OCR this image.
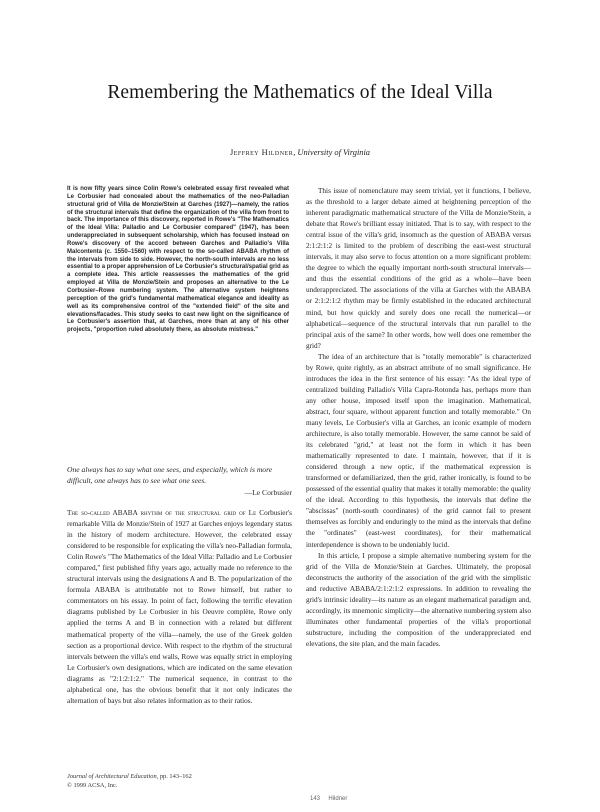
Remembering the Mathematics of the Ideal Villa
Jeffrey Hildner, University of Virginia
It is now fifty years since Colin Rowe's celebrated essay first revealed what Le Corbusier had concealed about the mathematics of the neo-Palladian structural grid of Villa de Monzie/Stein at Garches (1927)—namely, the ratios of the structural intervals that define the organization of the villa from front to back. The importance of this discovery, reported in Rowe's "The Mathematics of the Ideal Villa: Palladio and Le Corbusier compared" (1947), has been underappreciated in subsequent scholarship, which has focused instead on Rowe's discovery of the accord between Garches and Palladio's Villa Malcontenta (c. 1550–1560) with respect to the so-called ABABA rhythm of the intervals from side to side. However, the north-south intervals are no less essential to a proper apprehension of Le Corbusier's structural/spatial grid as a complete idea. This article reassesses the mathematics of the grid employed at Villa de Monzie/Stein and proposes an alternative to the Le Corbusier–Rowe numbering system. The alternative system heightens perception of the grid's fundamental mathematical elegance and ideality as well as its comprehensive control of the "extended field" of the site and elevations/facades. This study seeks to cast new light on the significance of Le Corbusier's assertion that, at Garches, more than at any of his other projects, "proportion ruled absolutely there, as absolute mistress."
One always has to say what one sees, and especially, which is more difficult, one always has to see what one sees.
—Le Corbusier

The so-called ABABA rhythm of the structural grid of Le Corbusier's remarkable Villa de Monzie/Stein of 1927 at Garches enjoys legendary status in the history of modern architecture. However, the celebrated essay considered to be responsible for explicating the villa's neo-Palladian formula, Colin Rowe's "The Mathematics of the Ideal Villa: Palladio and Le Corbusier compared," first published fifty years ago, actually made no reference to the structural intervals using the designations A and B. The popularization of the formula ABABA is attributable not to Rowe himself, but rather to commentators on his essay. In point of fact, following the terrific elevation diagrams published by Le Corbusier in his Oeuvre complète, Rowe only applied the terms A and B in connection with a related but different mathematical property of the villa—namely, the use of the Greek golden section as a proportional device. With respect to the rhythm of the structural intervals between the villa's end walls, Rowe was equally strict in employing Le Corbusier's own designations, which are indicated on the same elevation diagrams as "2:1:2:1:2." The numerical sequence, in contrast to the alphabetical one, has the obvious benefit that it not only indicates the alternation of bays but also relates information as to their ratios.

This issue of nomenclature may seem trivial, yet it functions, I believe, as the threshold to a larger debate aimed at heightening perception of the inherent paradigmatic mathematical structure of the Villa de Monzie/Stein, a debate that Rowe's brilliant essay initiated. That is to say, with respect to the central issue of the villa's grid, insomuch as the question of ABABA versus 2:1:2:1:2 is limited to the problem of describing the east-west structural intervals, it may also serve to focus attention on a more significant problem: the degree to which the equally important north-south structural intervals—and thus the essential conditions of the grid as a whole—have been underappreciated. The associations of the villa at Garches with the ABABA or 2:1:2:1:2 rhythm may be firmly established in the educated architectural mind, but how quickly and surely does one recall the numerical—or alphabetical—sequence of the structural intervals that run parallel to the principal axis of the same? In other words, how well does one remember the grid?

The idea of an architecture that is "totally memorable" is characterized by Rowe, quite rightly, as an abstract attribute of no small significance. He introduces the idea in the first sentence of his essay: "As the ideal type of centralized building Palladio's Villa Capra-Rotonda has, perhaps more than any other house, imposed itself upon the imagination. Mathematical, abstract, four square, without apparent function and totally memorable." On many levels, Le Corbusier's villa at Garches, an iconic example of modern architecture, is also totally memorable. However, the same cannot be said of its celebrated "grid," at least not the form in which it has been mathematically represented to date. I maintain, however, that if it is considered through a new optic, if the mathematical expression is transformed or defamiliarized, then the grid, rather ironically, is found to be possessed of the essential quality that makes it totally memorable: the quality of the ideal. According to this hypothesis, the intervals that define the "abscissas" (north-south coordinates) of the grid cannot fail to present themselves as forcibly and enduringly to the mind as the intervals that define the "ordinates" (east-west coordinates), for their mathematical interdependence is shown to be undeniably lucid.

In this article, I propose a simple alternative numbering system for the grid of the Villa de Monzie/Stein at Garches. Ultimately, the proposal deconstructs the authority of the association of the grid with the simplistic and reductive ABABA/2:1:2:1:2 expressions. In addition to revealing the grid's intrinsic ideality—its nature as an elegant mathematical paradigm and, accordingly, its mnemonic simplicity—the alternative numbering system also illuminates other fundamental properties of the villa's proportional substructure, including the composition of the underappreciated end elevations, the site plan, and the main facades.

Journal of Architectural Education, pp. 143–162
© 1999 ACSA, Inc.
143 Hildner
